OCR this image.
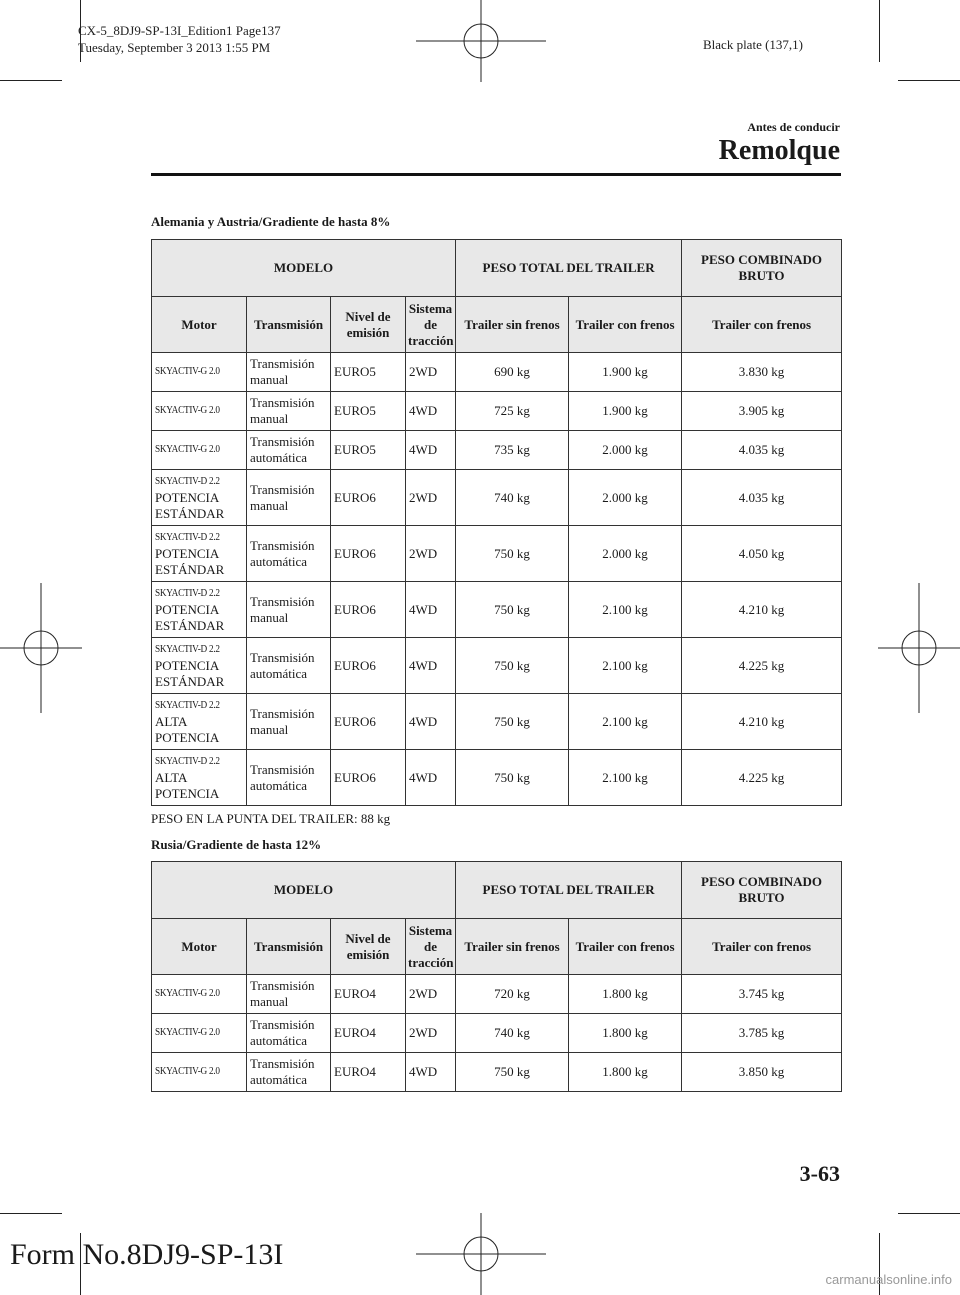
CX-5_8DJ9-SP-13I_Edition1 Page137
Tuesday, September 3 2013 1:55 PM	Black plate (137,1)
Antes de conducir
Remolque
Alemania y Austria/Gradiente de hasta 8%
MODELO				PESO TOTAL DEL TRAILER		PESO COMBINADO BRUTO
Motor	Transmisión	Nivel de emisión	Sistema de tracción	Trailer sin frenos	Trailer con frenos	Trailer con frenos

SKYACTIV-G 2.0	Transmisión manual	EURO5	2WD	690 kg	1.900 kg	3.830 kg

SKYACTIV-G 2.0	Transmisión manual	EURO5	4WD	725 kg	1.900 kg	3.905 kg

SKYACTIV-G 2.0	Transmisión automática	EURO5	4WD	735 kg	2.000 kg	4.035 kg

SKYACTIV-D 2.2
POTENCIA ESTÁNDAR	Transmisión manual	EURO6	2WD	740 kg	2.000 kg	4.035 kg

SKYACTIV-D 2.2
POTENCIA ESTÁNDAR	Transmisión automática	EURO6	2WD	750 kg	2.000 kg	4.050 kg

SKYACTIV-D 2.2
POTENCIA ESTÁNDAR	Transmisión manual	EURO6	4WD	750 kg	2.100 kg	4.210 kg

SKYACTIV-D 2.2
POTENCIA ESTÁNDAR	Transmisión automática	EURO6	4WD	750 kg	2.100 kg	4.225 kg

SKYACTIV-D 2.2
ALTA POTENCIA	Transmisión manual	EURO6	4WD	750 kg	2.100 kg	4.210 kg

SKYACTIV-D 2.2
ALTA POTENCIA	Transmisión automática	EURO6	4WD	750 kg	2.100 kg	4.225 kg
PESO EN LA PUNTA DEL TRAILER: 88 kg
Rusia/Gradiente de hasta 12%
MODELO				PESO TOTAL DEL TRAILER		PESO COMBINADO BRUTO
Motor	Transmisión	Nivel de emisión	Sistema de tracción	Trailer sin frenos	Trailer con frenos	Trailer con frenos

SKYACTIV-G 2.0	Transmisión manual	EURO4	2WD	720 kg	1.800 kg	3.745 kg

SKYACTIV-G 2.0	Transmisión automática	EURO4	2WD	740 kg	1.800 kg	3.785 kg

SKYACTIV-G 2.0	Transmisión automática	EURO4	4WD	750 kg	1.800 kg	3.850 kg
3-63
Form No.8DJ9-SP-13I
carmanualsonline.info
